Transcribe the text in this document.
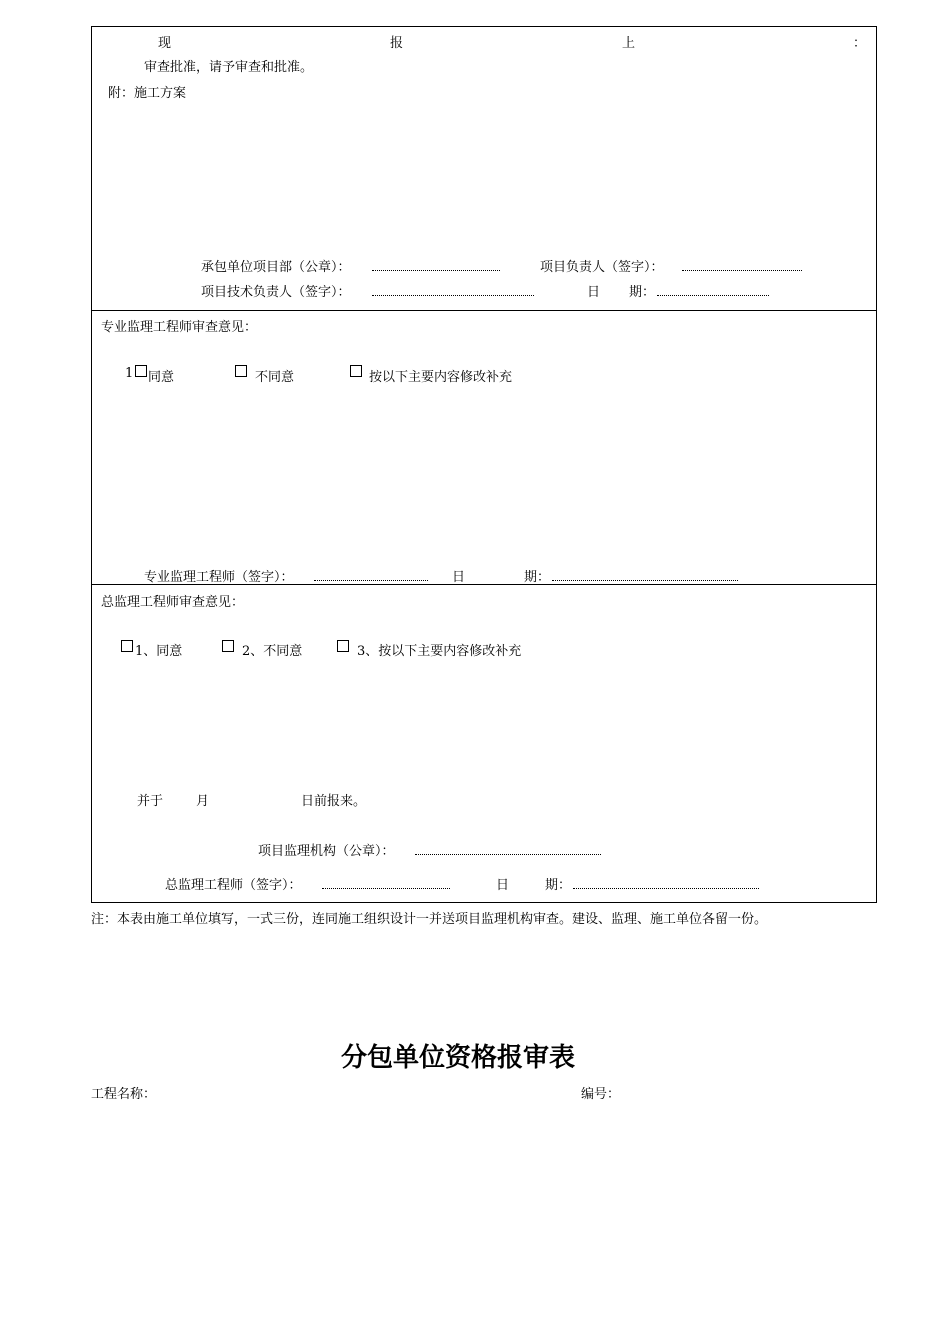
现	报	上	：
审查批准，请予审查和批准。
附：施工方案
承包单位项目部（公章）：	项目负责人（签字）：
项目技术负责人（签字）：	日 期：
专业监理工程师审查意见：
1 同意	不同意	按以下主要内容修改补充
专业监理工程师（签字）：	日	期：
总监理工程师审查意见：
1、同意	2、不同意	3、按以下主要内容修改补充
并于	月	日前报来。
项目监理机构（公章）：
总监理工程师（签字）：	日	期：
注：本表由施工单位填写，一式三份，连同施工组织设计一并送项目监理机构审查。建设、监理、施工单位各留一份。
分包单位资格报审表
工程名称：	编号：
